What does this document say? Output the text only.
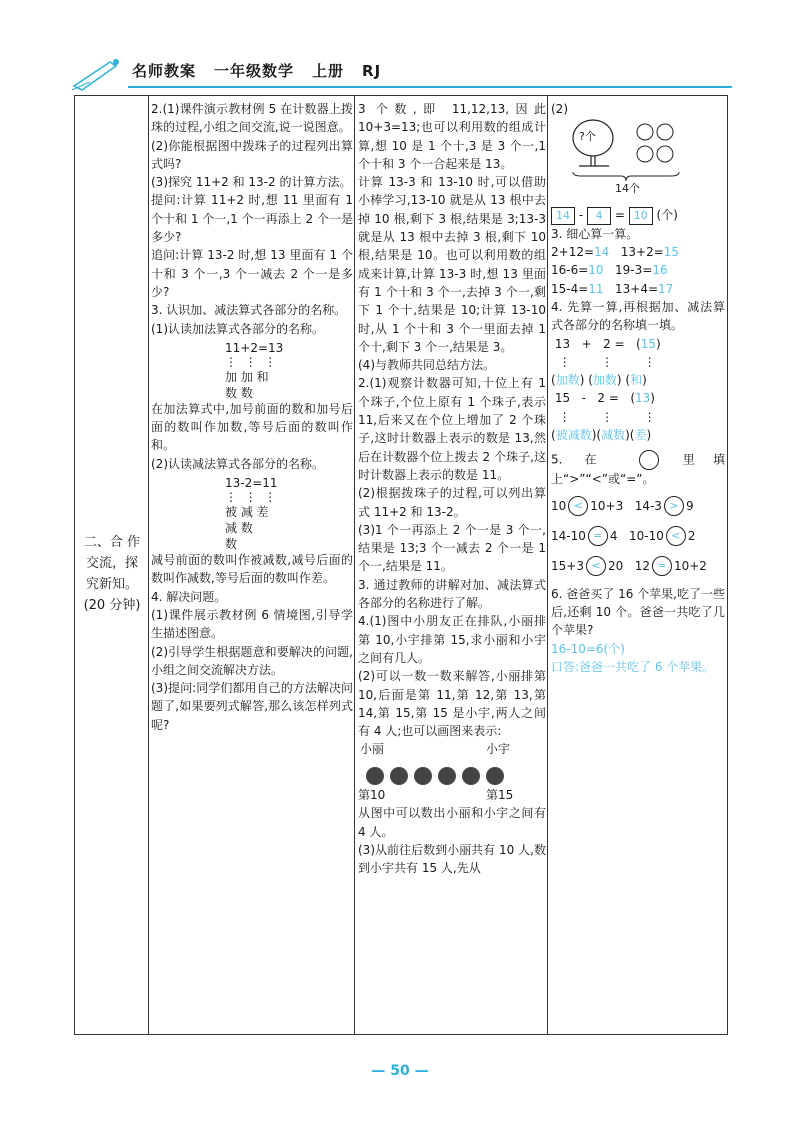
名师教案 一年级数学 上册 RJ
二、合 作
交流，探
究新知。
(20 分钟)

2.(1)课件演示教材例 5 在计数器上拨珠的过程,小组之间交流,说一说图意。

(2)你能根据图中拨珠子的过程列出算式吗?

(3)探究 11+2 和 13-2 的计算方法。

提问:计算 11+2 时,想 11 里面有 1 个十和 1 个一,1 个一再添上 2 个一是多少?

追问:计算 13-2 时,想 13 里面有 1 个十和 3 个一,3 个一减去 2 个一是多少?

3. 认识加、减法算式各部分的名称。

(1)认读加法算式各部分的名称。

11+2=13
⋮  ⋮  ⋮
加 加 和
数 数

在加法算式中,加号前面的数和加号后面的数叫作加数,等号后面的数叫作和。

(2)认读减法算式各部分的名称。

13-2=11
⋮  ⋮  ⋮
被 减 差
减 数
数

减号前面的数叫作被减数,减号后面的数叫作减数,等号后面的数叫作差。

4. 解决问题。

(1)课件展示教材例 6 情境图,引导学生描述图意。

(2)引导学生根据题意和要解决的问题,小组之间交流解决方法。

(3)提问:同学们都用自己的方法解决问题了,如果要列式解答,那么该怎样列式呢?

3 个数,即 11,12,13,因此 10+3=13;也可以利用数的组成计算,想 10 是 1 个十,3 是 3 个一,1 个十和 3 个一合起来是 13。

计算 13-3 和 13-10 时,可以借助小棒学习,13-10 就是从 13 根中去掉 10 根,剩下 3 根,结果是 3;13-3 就是从 13 根中去掉 3 根,剩下 10 根,结果是 10。也可以利用数的组成来计算,计算 13-3 时,想 13 里面有 1 个十和 3 个一,去掉 3 个一,剩下 1 个十,结果是 10;计算 13-10 时,从 1 个十和 3 个一里面去掉 1 个十,剩下 3 个一,结果是 3。

(4)与教师共同总结方法。

2.(1)观察计数器可知,十位上有 1 个珠子,个位上原有 1 个珠子,表示 11,后来又在个位上增加了 2 个珠子,这时计数器上表示的数是 13,然后在计数器个位上拨去 2 个珠子,这时计数器上表示的数是 11。

(2)根据拨珠子的过程,可以列出算式 11+2 和 13-2。

(3)1 个一再添上 2 个一是 3 个一,结果是 13;3 个一减去 2 个一是 1 个一,结果是 11。

3. 通过教师的讲解对加、减法算式各部分的名称进行了解。

4.(1)图中小朋友正在排队,小丽排第 10,小宇排第 15,求小丽和小宇之间有几人。

(2)可以一数一数来解答,小丽排第 10,后面是第 11,第 12,第 13,第 14,第 15,第 15 是小宇,两人之间有 4 人;也可以画图来表示:

小丽	小宇
第10	第15

从图中可以数出小丽和小宇之间有 4 人。

(3)从前往后数到小丽共有 10 人,数到小宇共有 15 人,先从

(2)

?个
14个
14 - 4 = 10 (个)

3. 细心算一算。

2+12=14 13+2=15
16-6=10 19-3=16
15-4=11 13+4=17

4. 先算一算,再根据加、减法算式各部分的名称填一填。

13 + 2 =   (15)
⋮        ⋮        ⋮
(加数) (加数) (和)
15 - 2 =   (13)
⋮        ⋮        ⋮
(被减数)(减数)(差)

5. 在	里填上“>”“<”或“=”。

10 < 10+3 14-3 > 9
14-10 = 4 10-10 < 2
15+3 < 20 12 = 10+2

6. 爸爸买了 16 个苹果,吃了一些后,还剩 10 个。爸爸一共吃了几个苹果?

16-10=6(个)

口答:爸爸一共吃了 6 个苹果。

— 50 —
